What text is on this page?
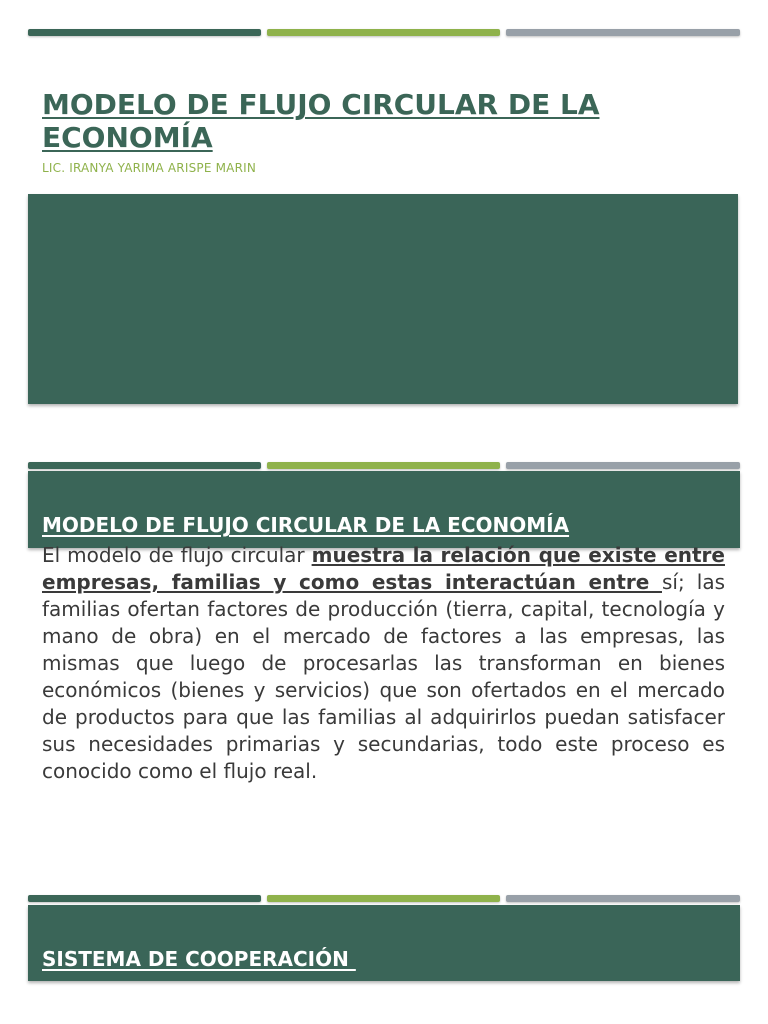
MODELO DE FLUJO CIRCULAR DE LA ECONOMÍA
LIC. IRANYA YARIMA ARISPE MARIN
MODELO DE FLUJO CIRCULAR DE LA ECONOMÍA

El modelo de flujo circular muestra la relación que existe entre empresas, familias y como estas interactúan entre sí; las familias ofertan factores de producción (tierra, capital, tecnología y mano de obra) en el mercado de factores a las empresas, las mismas que luego de procesarlas las transforman en bienes económicos (bienes y servicios) que son ofertados en el mercado de productos para que las familias al adquirirlos puedan satisfacer sus necesidades primarias y secundarias, todo este proceso es conocido como el flujo real.

SISTEMA DE COOPERACIÓN
